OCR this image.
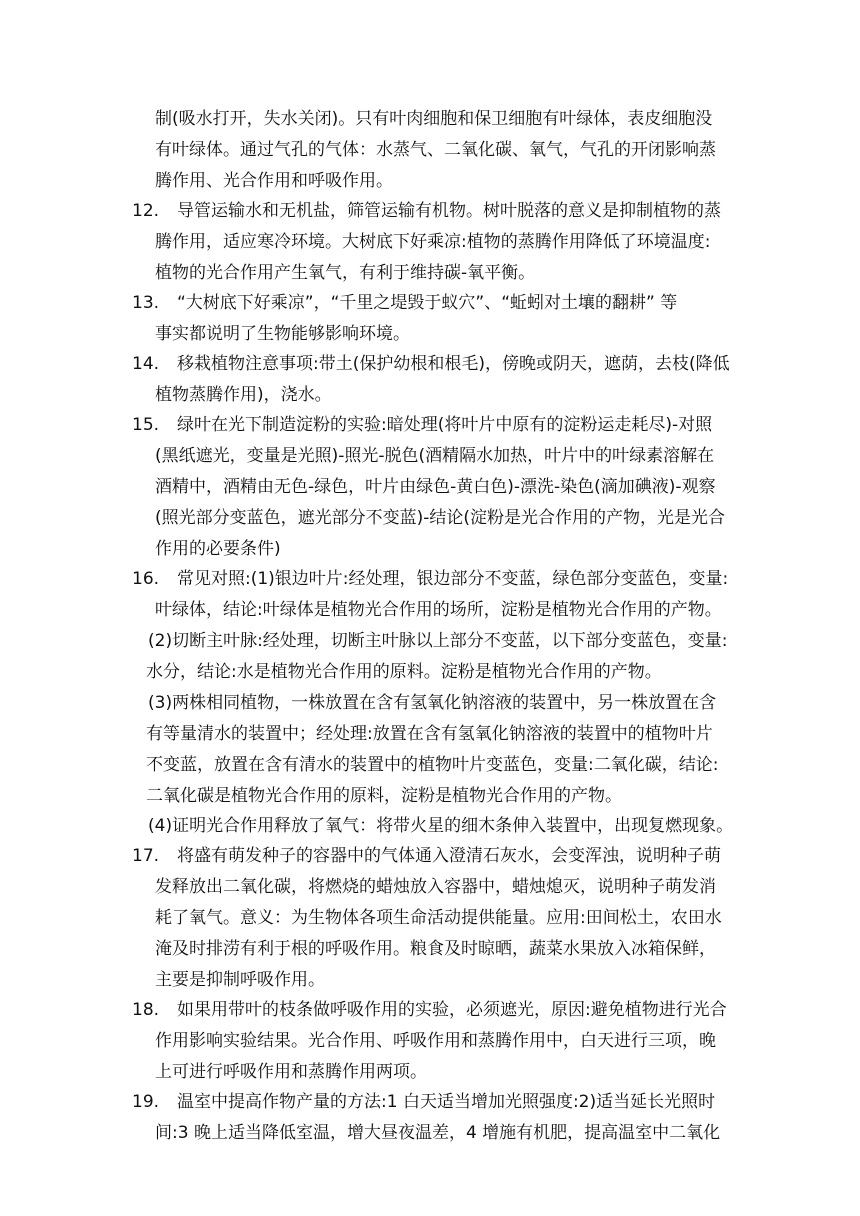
制(吸水打开，失水关闭)。只有叶肉细胞和保卫细胞有叶绿体，表皮细胞没
有叶绿体。通过气孔的气体：水蒸气、二氧化碳、氧气，气孔的开闭影响蒸
腾作用、光合作用和呼吸作用。
12. 导管运输水和无机盐，筛管运输有机物。树叶脱落的意义是抑制植物的蒸
腾作用，适应寒冷环境。大树底下好乘凉:植物的蒸腾作用降低了环境温度:
植物的光合作用产生氧气，有利于维持碳-氧平衡。
13. “大树底下好乘凉”，“千里之堤毁于蚁穴”、“蚯蚓对土壤的翻耕” 等
事实都说明了生物能够影响环境。
14. 移栽植物注意事项:带土(保护幼根和根毛)，傍晚或阴天，遮荫，去枝(降低
植物蒸腾作用)，浇水。
15. 绿叶在光下制造淀粉的实验:暗处理(将叶片中原有的淀粉运走耗尽)-对照
(黑纸遮光，变量是光照)-照光-脱色(酒精隔水加热，叶片中的叶绿素溶解在
酒精中，酒精由无色-绿色，叶片由绿色-黄白色)-漂洗-染色(滴加碘液)-观察
(照光部分变蓝色，遮光部分不变蓝)-结论(淀粉是光合作用的产物，光是光合
作用的必要条件)
16. 常见对照:(1)银边叶片:经处理，银边部分不变蓝，绿色部分变蓝色，变量:
叶绿体，结论:叶绿体是植物光合作用的场所，淀粉是植物光合作用的产物。
(2)切断主叶脉:经处理，切断主叶脉以上部分不变蓝，以下部分变蓝色，变量:
水分，结论:水是植物光合作用的原料。淀粉是植物光合作用的产物。
(3)两株相同植物，一株放置在含有氢氧化钠溶液的装置中，另一株放置在含
有等量清水的装置中；经处理:放置在含有氢氧化钠溶液的装置中的植物叶片
不变蓝，放置在含有清水的装置中的植物叶片变蓝色，变量:二氧化碳，结论:
二氧化碳是植物光合作用的原料，淀粉是植物光合作用的产物。
(4)证明光合作用释放了氧气：将带火星的细木条伸入装置中，出现复燃现象。
17. 将盛有萌发种子的容器中的气体通入澄清石灰水，会变浑浊，说明种子萌
发释放出二氧化碳，将燃烧的蜡烛放入容器中，蜡烛熄灭，说明种子萌发消
耗了氧气。意义：为生物体各项生命活动提供能量。应用:田间松土，农田水
淹及时排涝有利于根的呼吸作用。粮食及时晾晒，蔬菜水果放入冰箱保鲜，
主要是抑制呼吸作用。
18. 如果用带叶的枝条做呼吸作用的实验，必须遮光，原因:避免植物进行光合
作用影响实验结果。光合作用、呼吸作用和蒸腾作用中，白天进行三项，晚
上可进行呼吸作用和蒸腾作用两项。
19. 温室中提高作物产量的方法:1 白天适当增加光照强度:2)适当延长光照时
间:3 晚上适当降低室温，增大昼夜温差，4 增施有机肥，提高温室中二氧化
